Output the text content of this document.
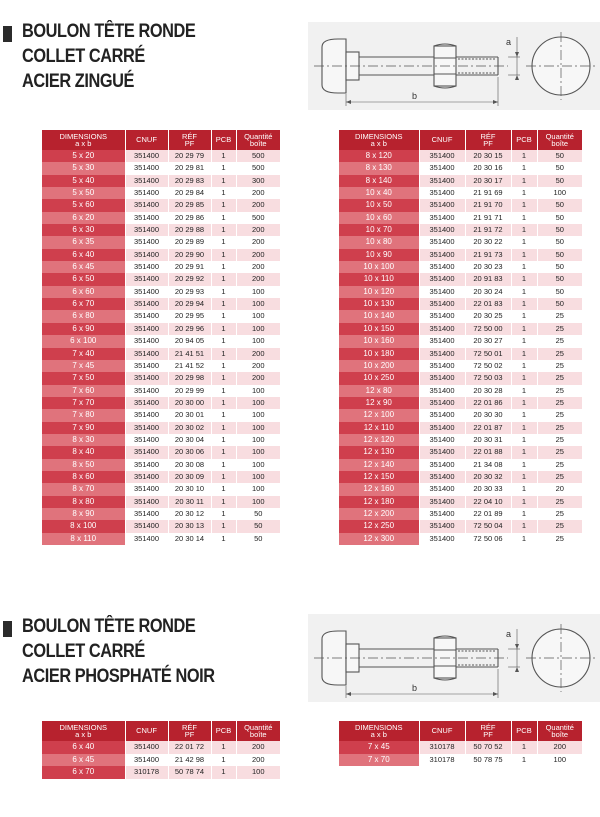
BOULON TÊTE RONDE
COLLET CARRÉ
ACIER ZINGUÉ
a
b
DIMENSIONS
a x b	CNUF	RÉF
PF	PCB	Quantité
boîte
5 x 20	351400	20 29 79	1	500
5 x 30	351400	20 29 81	1	500
5 x 40	351400	20 29 83	1	300
5 x 50	351400	20 29 84	1	200
5 x 60	351400	20 29 85	1	200
6 x 20	351400	20 29 86	1	500
6 x 30	351400	20 29 88	1	200
6 x 35	351400	20 29 89	1	200
6 x 40	351400	20 29 90	1	200
6 x 45	351400	20 29 91	1	200
6 x 50	351400	20 29 92	1	200
6 x 60	351400	20 29 93	1	100
6 x 70	351400	20 29 94	1	100
6 x 80	351400	20 29 95	1	100
6 x 90	351400	20 29 96	1	100
6 x 100	351400	20 94 05	1	100
7 x 40	351400	21 41 51	1	200
7 x 45	351400	21 41 52	1	200
7 x 50	351400	20 29 98	1	200
7 x 60	351400	20 29 99	1	100
7 x 70	351400	20 30 00	1	100
7 x 80	351400	20 30 01	1	100
7 x 90	351400	20 30 02	1	100
8 x 30	351400	20 30 04	1	100
8 x 40	351400	20 30 06	1	100
8 x 50	351400	20 30 08	1	100
8 x 60	351400	20 30 09	1	100
8 x 70	351400	20 30 10	1	100
8 x 80	351400	20 30 11	1	100
8 x 90	351400	20 30 12	1	50
8 x 100	351400	20 30 13	1	50
8 x 110	351400	20 30 14	1	50
DIMENSIONS
a x b	CNUF	RÉF
PF	PCB	Quantité
boîte
8 x 120	351400	20 30 15	1	50
8 x 130	351400	20 30 16	1	50
8 x 140	351400	20 30 17	1	50
10 x 40	351400	21 91 69	1	100
10 x 50	351400	21 91 70	1	50
10 x 60	351400	21 91 71	1	50
10 x 70	351400	21 91 72	1	50
10 x 80	351400	20 30 22	1	50
10 x 90	351400	21 91 73	1	50
10 x 100	351400	20 30 23	1	50
10 x 110	351400	20 91 83	1	50
10 x 120	351400	20 30 24	1	50
10 x 130	351400	22 01 83	1	50
10 x 140	351400	20 30 25	1	25
10 x 150	351400	72 50 00	1	25
10 x 160	351400	20 30 27	1	25
10 x 180	351400	72 50 01	1	25
10 x 200	351400	72 50 02	1	25
10 x 250	351400	72 50 03	1	25
12 x 80	351400	20 30 28	1	25
12 x 90	351400	22 01 86	1	25
12 x 100	351400	20 30 30	1	25
12 x 110	351400	22 01 87	1	25
12 x 120	351400	20 30 31	1	25
12 x 130	351400	22 01 88	1	25
12 x 140	351400	21 34 08	1	25
12 x 150	351400	20 30 32	1	25
12 x 160	351400	20 30 33	1	20
12 x 180	351400	22 04 10	1	25
12 x 200	351400	22 01 89	1	25
12 x 250	351400	72 50 04	1	25
12 x 300	351400	72 50 06	1	25
BOULON TÊTE RONDE
COLLET CARRÉ
ACIER PHOSPHATÉ NOIR
a
b
DIMENSIONS
a x b	CNUF	RÉF
PF	PCB	Quantité
boîte
6 x 40	351400	22 01 72	1	200
6 x 45	351400	21 42 98	1	200
6 x 70	310178	50 78 74	1	100
DIMENSIONS
a x b	CNUF	RÉF
PF	PCB	Quantité
boîte
7 x 45	310178	50 70 52	1	200
7 x 70	310178	50 78 75	1	100
